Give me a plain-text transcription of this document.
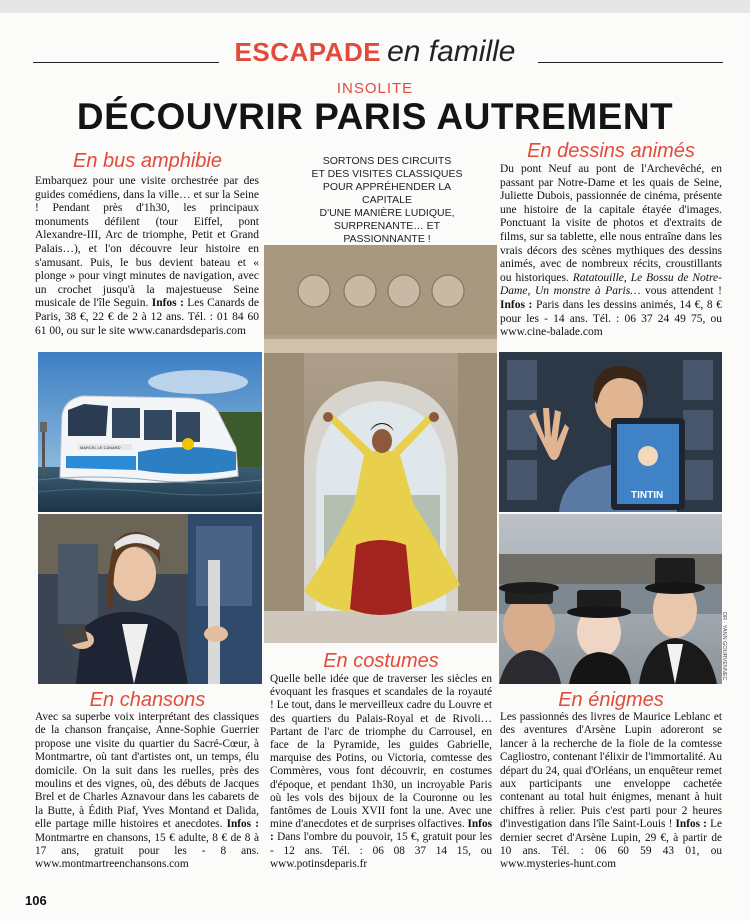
ESCAPADE en famille
INSOLITE
DÉCOUVRIR PARIS AUTREMENT
En bus amphibie
Embarquez pour une visite orchestrée par des guides comédiens, dans la ville… et sur la Seine ! Pendant près d'1h30, les principaux monuments défilent (tour Eiffel, pont Alexandre-III, Arc de triomphe, Petit et Grand Palais…), et l'on découvre leur histoire en s'amusant. Puis, le bus devient bateau et « plonge » pour vingt minutes de navigation, avec un crochet jusqu'à la majestueuse Seine musicale de l'île Seguin. Infos : Les Canards de Paris, 38 €, 22 € de 2 à 12 ans. Tél. : 01 84 60 61 00, ou sur le site www.canardsdeparis.com
SORTONS DES CIRCUITS
ET DES VISITES CLASSIQUES
POUR APPRÉHENDER LA CAPITALE
D'UNE MANIÈRE LUDIQUE,
SURPRENANTE… ET PASSIONNANTE !
En dessins animés
Du pont Neuf au pont de l'Archevêché, en passant par Notre-Dame et les quais de Seine, Juliette Dubois, passionnée de cinéma, présente une histoire de la capitale étayée d'images. Ponctuant la visite de photos et d'extraits de films, sur sa tablette, elle nous entraîne dans les vrais décors des scènes mythiques des dessins animés, avec de nombreux récits, croustillants ou historiques. Ratatouille, Le Bossu de Notre-Dame, Un monstre à Paris… vous attendent ! Infos : Paris dans les dessins animés, 14 €, 8 € pour les - 14 ans. Tél. : 06 37 24 49 75, ou www.cine-balade.com
MARCEL LE CANARD
TINTIN
DR · YANN GOURVENNEC
En chansons
En costumes
En énigmes
Avec sa superbe voix interprétant des classiques de la chanson française, Anne-Sophie Guerrier propose une visite du quartier du Sacré-Cœur, à Montmartre, où tant d'artistes ont, un temps, élu domicile. On la suit dans les ruelles, près des moulins et des vignes, où, des débuts de Jacques Brel et de Charles Aznavour dans les cabarets de la Butte, à Édith Piaf, Yves Montand et Dalida, elle partage mille histoires et anecdotes. Infos : Montmartre en chansons, 15 € adulte, 8 € de 8 à 17 ans, gratuit pour les - 8 ans. www.montmartreenchansons.com
Quelle belle idée que de traverser les siècles en évoquant les frasques et scandales de la royauté ! Le tout, dans le merveilleux cadre du Louvre et des quartiers du Palais-Royal et de Rivoli… Partant de l'arc de triomphe du Carrousel, en face de la Pyramide, les guides Gabrielle, marquise des Potins, ou Victoria, comtesse des Commères, vous font découvrir, en costumes d'époque, et pendant 1h30, un incroyable Paris où les vols des bijoux de la Couronne ou les fantômes de Louis XVII font la une. Avec une mine d'anecdotes et de surprises olfactives. Infos : Dans l'ombre du pouvoir, 15 €, gratuit pour les - 12 ans. Tél. : 06 08 37 14 15, ou www.potinsdeparis.fr
Les passionnés des livres de Maurice Leblanc et des aventures d'Arsène Lupin adoreront se lancer à la recherche de la fiole de la comtesse Cagliostro, contenant l'élixir de l'immortalité. Au départ du 24, quai d'Orléans, un enquêteur remet aux participants une enveloppe cachetée contenant au total huit énigmes, menant à huit chiffres à relier. Puis c'est parti pour 2 heures d'investigation dans l'île Saint-Louis ! Infos : Le dernier secret d'Arsène Lupin, 29 €, à partir de 10 ans. Tél. : 06 60 59 43 01, ou www.mysteries-hunt.com
106
